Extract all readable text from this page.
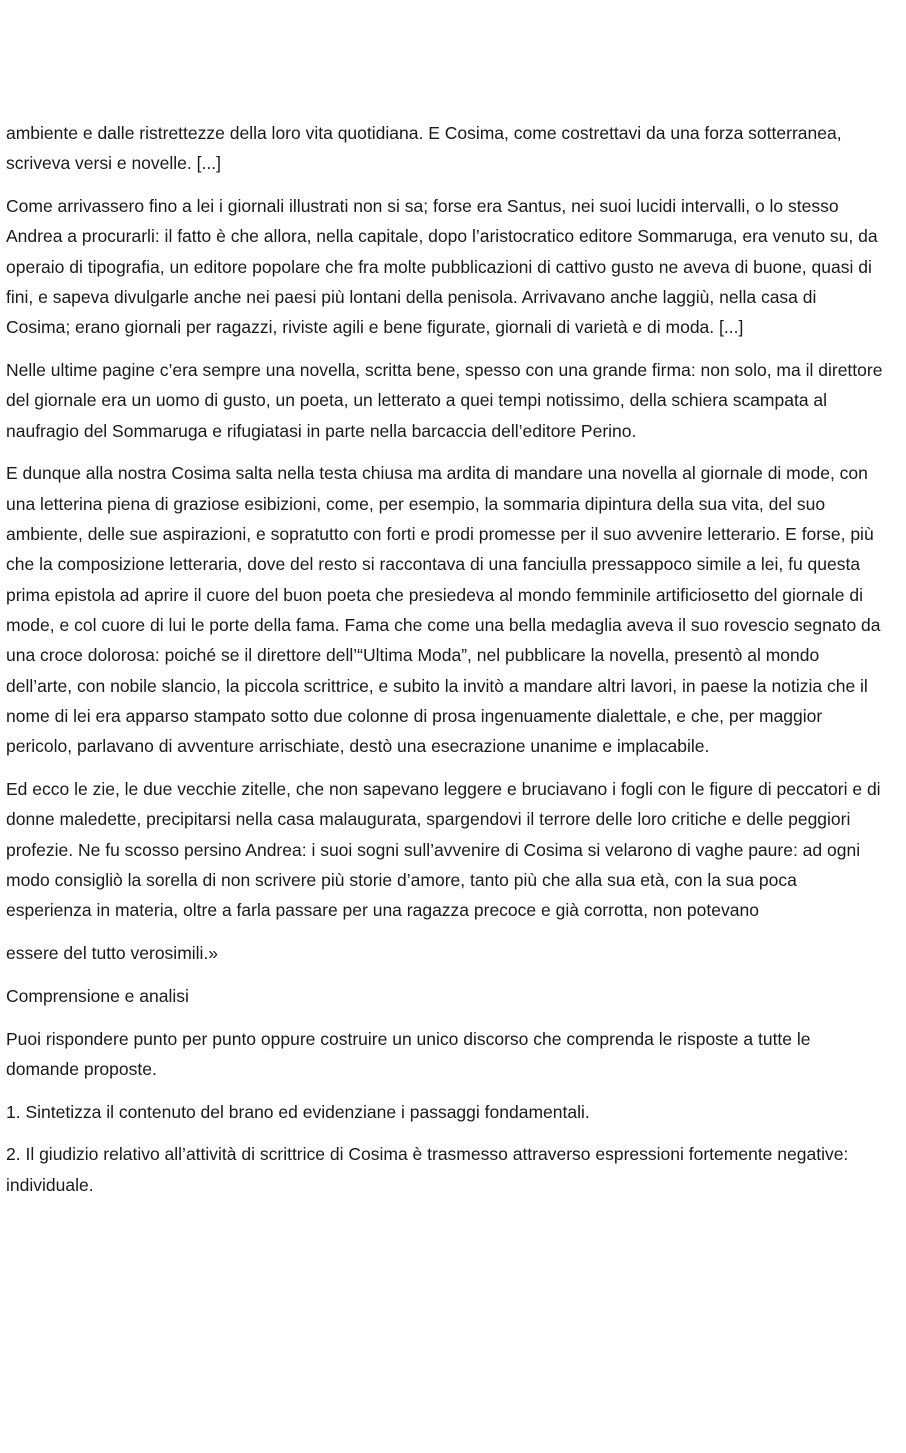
ambiente e dalle ristrettezze della loro vita quotidiana. E Cosima, come costrettavi da una forza sotterranea, scriveva versi e novelle. [...]

Come arrivassero fino a lei i giornali illustrati non si sa; forse era Santus, nei suoi lucidi intervalli, o lo stesso Andrea a procurarli: il fatto è che allora, nella capitale, dopo l’aristocratico editore Sommaruga, era venuto su, da operaio di tipografia, un editore popolare che fra molte pubblicazioni di cattivo gusto ne aveva di buone, quasi di fini, e sapeva divulgarle anche nei paesi più lontani della penisola. Arrivavano anche laggiù, nella casa di Cosima; erano giornali per ragazzi, riviste agili e bene figurate, giornali di varietà e di moda. [...]

Nelle ultime pagine c’era sempre una novella, scritta bene, spesso con una grande firma: non solo, ma il direttore del giornale era un uomo di gusto, un poeta, un letterato a quei tempi notissimo, della schiera scampata al naufragio del Sommaruga e rifugiatasi in parte nella barcaccia dell’editore Perino.

E dunque alla nostra Cosima salta nella testa chiusa ma ardita di mandare una novella al giornale di mode, con una letterina piena di graziose esibizioni, come, per esempio, la sommaria dipintura della sua vita, del suo ambiente, delle sue aspirazioni, e sopratutto con forti e prodi promesse per il suo avvenire letterario. E forse, più che la composizione letteraria, dove del resto si raccontava di una fanciulla pressappoco simile a lei, fu questa prima epistola ad aprire il cuore del buon poeta che presiedeva al mondo femminile artificiosetto del giornale di mode, e col cuore di lui le porte della fama. Fama che come una bella medaglia aveva il suo rovescio segnato da una croce dolorosa: poiché se il direttore dell’“Ultima Moda”, nel pubblicare la novella, presentò al mondo dell’arte, con nobile slancio, la piccola scrittrice, e subito la invitò a mandare altri lavori, in paese la notizia che il nome di lei era apparso stampato sotto due colonne di prosa ingenuamente dialettale, e che, per maggior pericolo, parlavano di avventure arrischiate, destò una esecrazione unanime e implacabile.

Ed ecco le zie, le due vecchie zitelle, che non sapevano leggere e bruciavano i fogli con le figure di peccatori e di donne maledette, precipitarsi nella casa malaugurata, spargendovi il terrore delle loro critiche e delle peggiori profezie. Ne fu scosso persino Andrea: i suoi sogni sull’avvenire di Cosima si velarono di vaghe paure: ad ogni modo consigliò la sorella di non scrivere più storie d’amore, tanto più che alla sua età, con la sua poca esperienza in materia, oltre a farla passare per una ragazza precoce e già corrotta, non potevano

essere del tutto verosimili.»

Comprensione e analisi

Puoi rispondere punto per punto oppure costruire un unico discorso che comprenda le risposte a tutte le domande proposte.

1. Sintetizza il contenuto del brano ed evidenziane i passaggi fondamentali.

2. Il giudizio relativo all’attività di scrittrice di Cosima è trasmesso attraverso espressioni fortemente negative: individuale.
